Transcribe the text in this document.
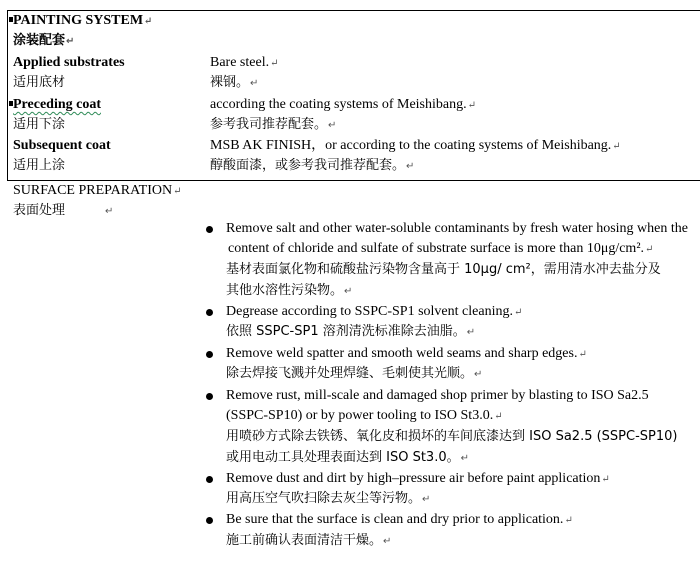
PAINTING SYSTEM↵
涂装配套↵
Applied substrates	Bare steel.↵
适用底材	裸钢。↵
Preceding coat	according the coating systems of Meishibang.↵
适用下涂	参考我司推荐配套。↵
Subsequent coat	MSB AK FINISH，or according to the coating systems of Meishibang.↵
适用上涂	醇酸面漆，或参考我司推荐配套。↵
SURFACE PREPARATION↵
表面处理	↵
Remove salt and other water-soluble contaminants by fresh water hosing when the
content of chloride and sulfate of substrate surface is more than 10μg/cm².↵
基材表面氯化物和硫酸盐污染物含量高于 10μg/ cm²，需用清水冲去盐分及
其他水溶性污染物。↵
Degrease according to SSPC-SP1 solvent cleaning.↵
依照 SSPC-SP1 溶剂清洗标准除去油脂。↵
Remove weld spatter and smooth weld seams and sharp edges.↵
除去焊接飞溅并处理焊缝、毛刺使其光顺。↵
Remove rust, mill-scale and damaged shop primer by blasting to ISO Sa2.5
(SSPC-SP10) or by power tooling to ISO St3.0.↵
用喷砂方式除去铁锈、氧化皮和损坏的车间底漆达到 ISO Sa2.5 (SSPC-SP10)
或用电动工具处理表面达到 ISO St3.0。↵
Remove dust and dirt by high–pressure air before paint application↵
用高压空气吹扫除去灰尘等污物。↵
Be sure that the surface is clean and dry prior to application.↵
施工前确认表面清洁干燥。↵
